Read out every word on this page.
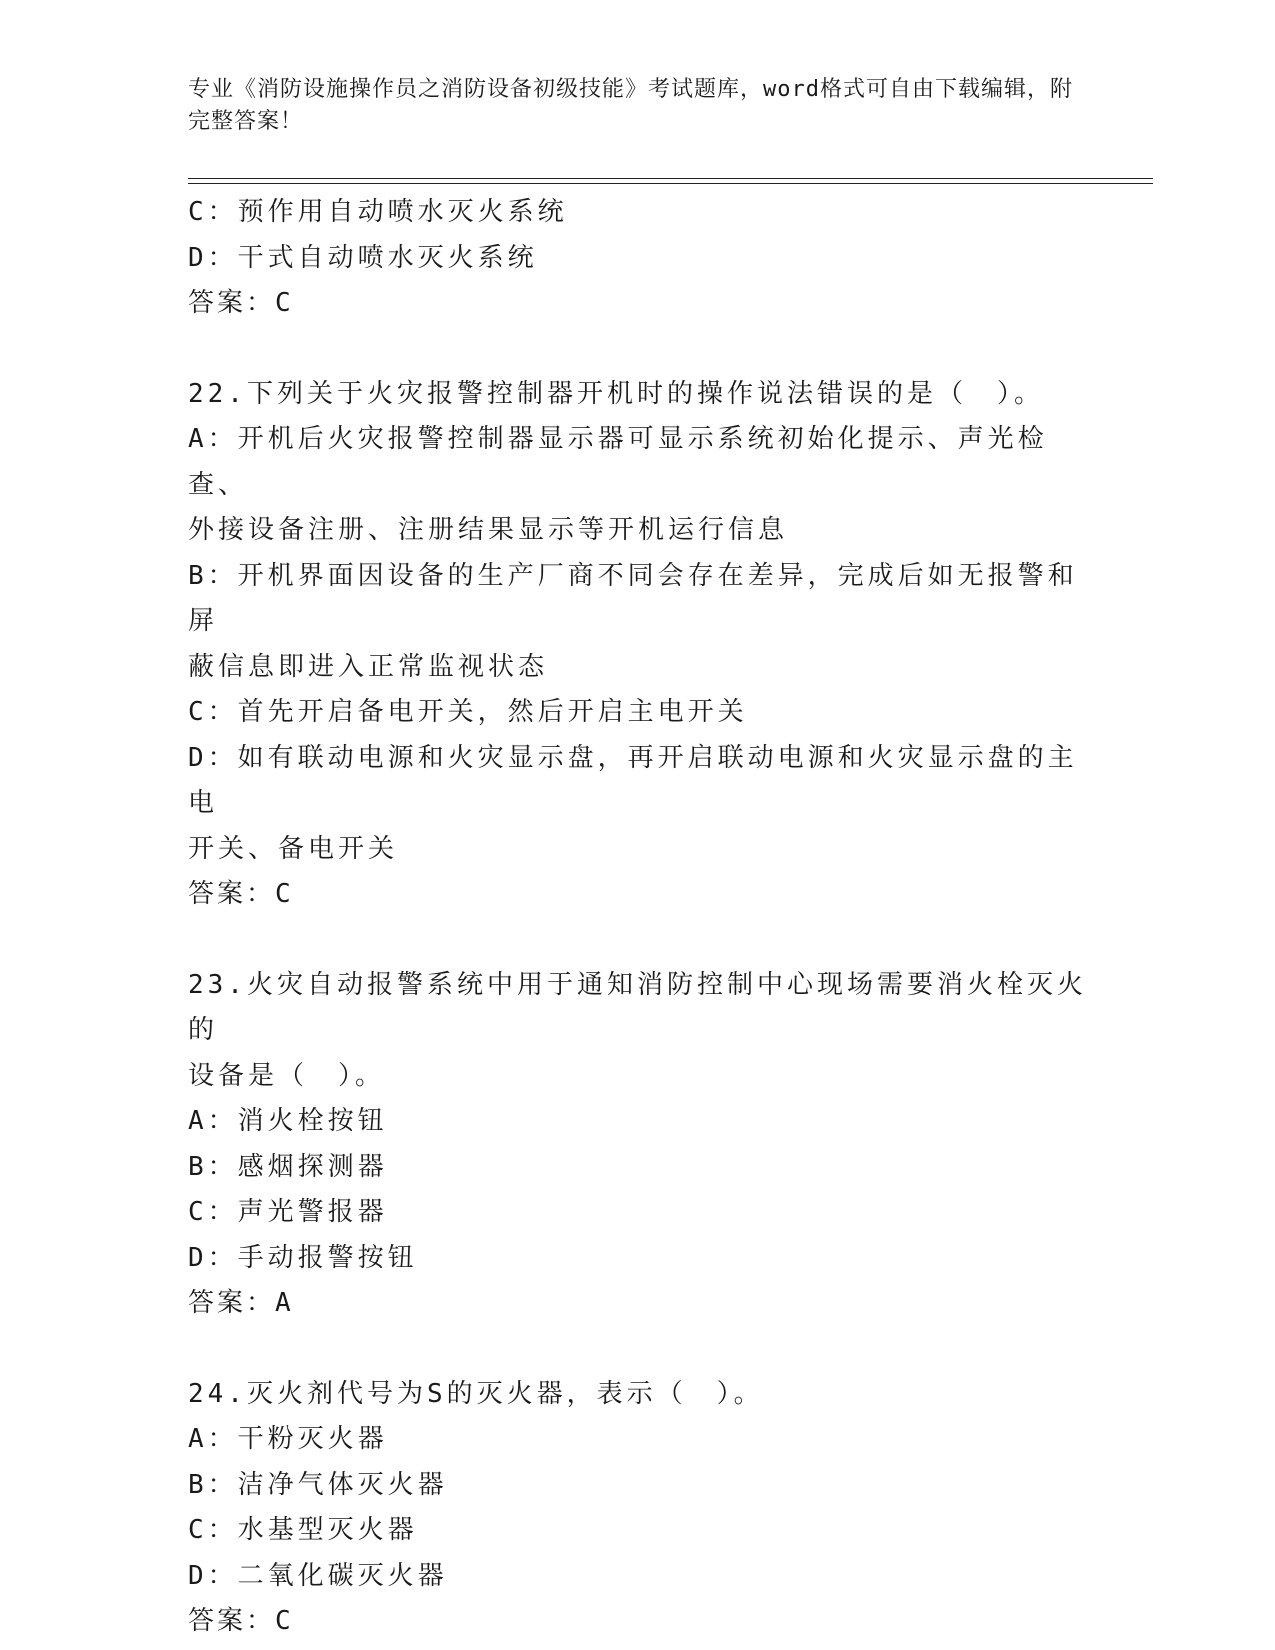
专业《消防设施操作员之消防设备初级技能》考试题库，word格式可自由下载编辑，附完整答案！
C：预作用自动喷水灭火系统
D：干式自动喷水灭火系统
答案：C
22.下列关于火灾报警控制器开机时的操作说法错误的是（　）。
A：开机后火灾报警控制器显示器可显示系统初始化提示、声光检查、
外接设备注册、注册结果显示等开机运行信息
B：开机界面因设备的生产厂商不同会存在差异，完成后如无报警和屏
蔽信息即进入正常监视状态
C：首先开启备电开关，然后开启主电开关
D：如有联动电源和火灾显示盘，再开启联动电源和火灾显示盘的主电
开关、备电开关
答案：C
23.火灾自动报警系统中用于通知消防控制中心现场需要消火栓灭火的
设备是（　）。
A：消火栓按钮
B：感烟探测器
C：声光警报器
D：手动报警按钮
答案：A
24.灭火剂代号为S的灭火器，表示（　）。
A：干粉灭火器
B：洁净气体灭火器
C：水基型灭火器
D：二氧化碳灭火器
答案：C
